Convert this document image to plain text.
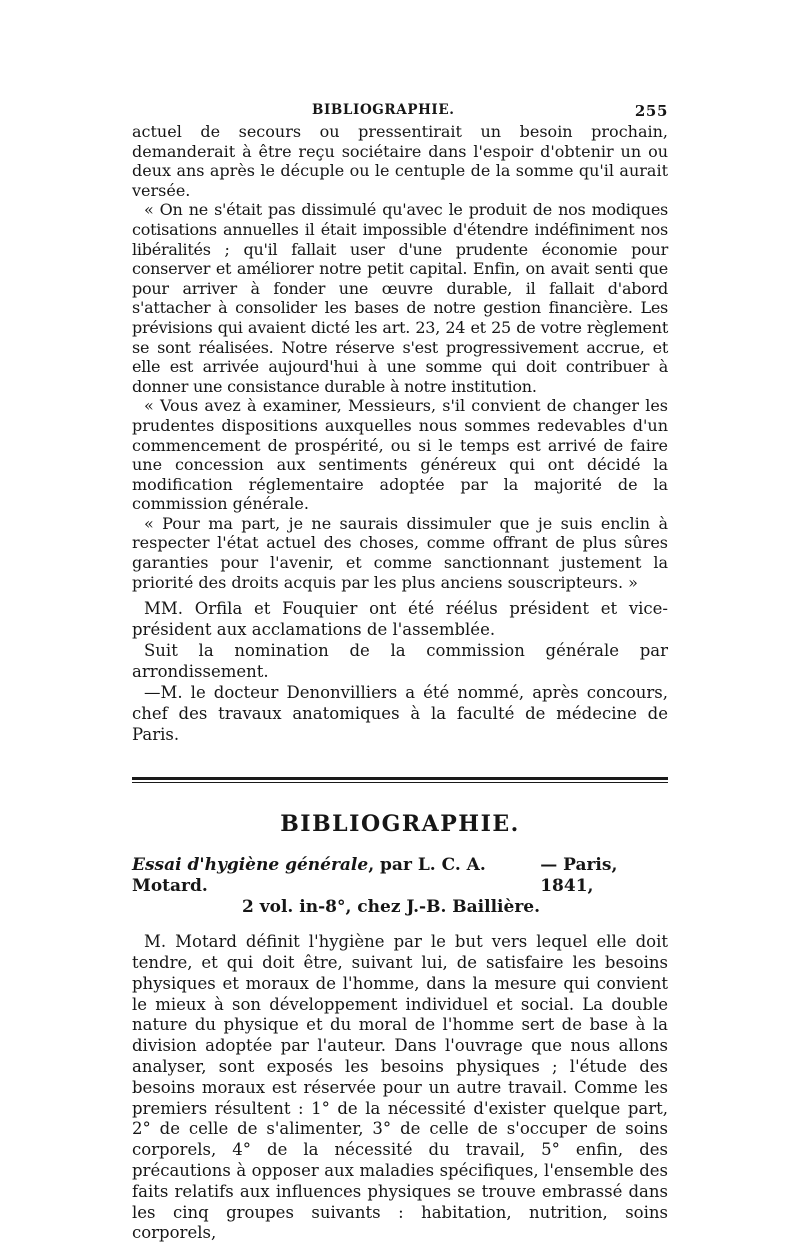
BIBLIOGRAPHIE.	255

actuel de secours ou pressentirait un besoin prochain, demanderait à être reçu sociétaire dans l'espoir d'obtenir un ou deux ans après le décuple ou le centuple de la somme qu'il aurait versée.

« On ne s'était pas dissimulé qu'avec le produit de nos modiques cotisations annuelles il était impossible d'étendre indéfiniment nos libéralités ; qu'il fallait user d'une prudente économie pour conserver et améliorer notre petit capital. Enfin, on avait senti que pour arriver à fonder une œuvre durable, il fallait d'abord s'attacher à consolider les bases de notre gestion financière. Les prévisions qui avaient dicté les art. 23, 24 et 25 de votre règlement se sont réalisées. Notre réserve s'est progressivement accrue, et elle est arrivée aujourd'hui à une somme qui doit contribuer à donner une consistance durable à notre institution.

« Vous avez à examiner, Messieurs, s'il convient de changer les prudentes dispositions auxquelles nous sommes redevables d'un commencement de prospérité, ou si le temps est arrivé de faire une concession aux sentiments généreux qui ont décidé la modification réglementaire adoptée par la majorité de la commission générale.

« Pour ma part, je ne saurais dissimuler que je suis enclin à respecter l'état actuel des choses, comme offrant de plus sûres garanties pour l'avenir, et comme sanctionnant justement la priorité des droits acquis par les plus anciens souscripteurs. »

MM. Orfila et Fouquier ont été réélus président et vice-président aux acclamations de l'assemblée.

Suit la nomination de la commission générale par arrondissement.

—M. le docteur Denonvilliers a été nommé, après concours, chef des travaux anatomiques à la faculté de médecine de Paris.

BIBLIOGRAPHIE.
Essai d'hygiène générale, par L. C. A. Motard.
— Paris, 1841,
2 vol. in-8°, chez J.-B. Baillière.

M. Motard définit l'hygiène par le but vers lequel elle doit tendre, et qui doit être, suivant lui, de satisfaire les besoins physiques et moraux de l'homme, dans la mesure qui convient le mieux à son développement individuel et social. La double nature du physique et du moral de l'homme sert de base à la division adoptée par l'auteur. Dans l'ouvrage que nous allons analyser, sont exposés les besoins physiques ; l'étude des besoins moraux est réservée pour un autre travail. Comme les premiers résultent : 1° de la nécessité d'exister quelque part, 2° de celle de s'alimenter, 3° de celle de s'occuper de soins corporels, 4° de la nécessité du travail, 5° enfin, des précautions à opposer aux maladies spécifiques, l'ensemble des faits relatifs aux influences physiques se trouve embrassé dans les cinq groupes suivants : habitation, nutrition, soins corporels,
